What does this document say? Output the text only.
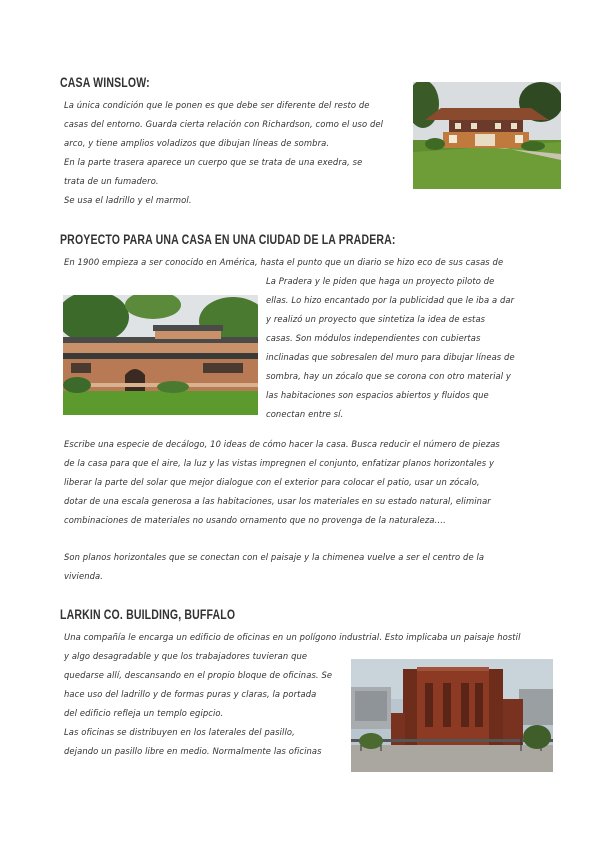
CASA WINSLOW:
La única condición que le ponen es que debe ser diferente del resto de
casas del entorno. Guarda cierta relación con Richardson, como el uso del
arco, y tiene amplios voladizos que dibujan líneas de sombra.
En la parte trasera aparece un cuerpo que se trata de una exedra, se
trata de un fumadero.
Se usa el ladrillo y el marmol.
PROYECTO PARA UNA CASA EN UNA CIUDAD DE LA PRADERA:
En 1900 empieza a ser conocido en América, hasta el punto que un diario se hizo eco de sus casas de
La Pradera y le piden que haga un proyecto piloto de
ellas. Lo hizo encantado por la publicidad que le iba a dar
y realizó un proyecto que sintetiza la idea de estas
casas. Son módulos independientes con cubiertas
inclinadas que sobresalen del muro para dibujar líneas de
sombra, hay un zócalo que se corona con otro material y
las habitaciones son espacios abiertos y fluidos que
conectan entre sí.
Escribe una especie de decálogo, 10 ideas de cómo hacer la casa. Busca reducir el número de piezas
de la casa para que el aire, la luz y las vistas impregnen el conjunto, enfatizar planos horizontales y
liberar la parte del solar que mejor dialogue con el exterior para colocar el patio, usar un zócalo,
dotar de una escala generosa a las habitaciones, usar los materiales en su estado natural, eliminar
combinaciones de materiales no usando ornamento que no provenga de la naturaleza….
Son planos horizontales que se conectan con el paisaje y la chimenea vuelve a ser el centro de la
vivienda.
LARKIN CO. BUILDING, BUFFALO
Una compañía le encarga un edificio de oficinas en un polígono industrial. Esto implicaba un paisaje hostil
y algo desagradable y que los trabajadores tuvieran que
quedarse allí, descansando en el propio bloque de oficinas. Se
hace uso del ladrillo y de formas puras y claras, la portada
del edificio refleja un templo egipcio.
Las oficinas se distribuyen en los laterales del pasillo,
dejando un pasillo libre en medio. Normalmente las oficinas
